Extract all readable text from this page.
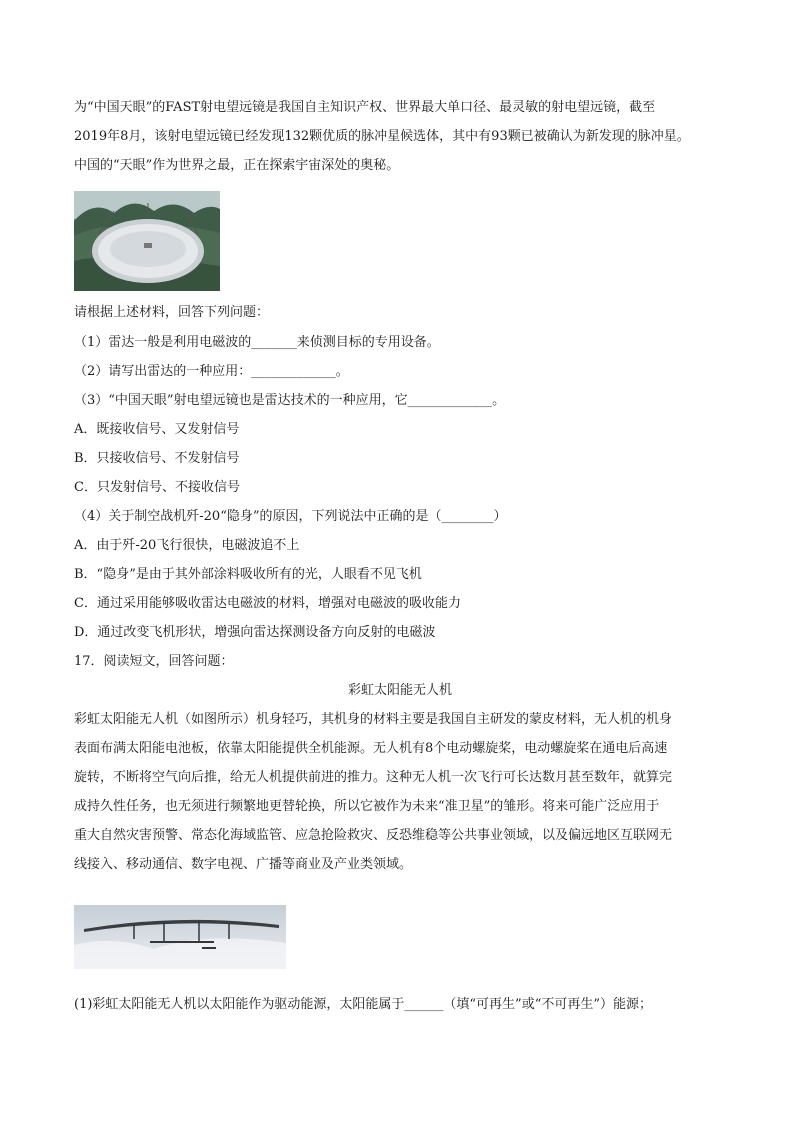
为“中国天眼”的FAST射电望远镜是我国自主知识产权、世界最大单口径、最灵敏的射电望远镜，截至
2019年8月，该射电望远镜已经发现132颗优质的脉冲星候选体，其中有93颗已被确认为新发现的脉冲星。
中国的“天眼”作为世界之最，正在探索宇宙深处的奥秘。
请根据上述材料，回答下列问题：
（1）雷达一般是利用电磁波的_______来侦测目标的专用设备。
（2）请写出雷达的一种应用：_____________。
（3）“中国天眼”射电望远镜也是雷达技术的一种应用，它_____________。
A．既接收信号、又发射信号
B．只接收信号、不发射信号
C．只发射信号、不接收信号
（4）关于制空战机歼-20“隐身”的原因，下列说法中正确的是（________）
A．由于歼-20飞行很快，电磁波追不上
B．“隐身”是由于其外部涂料吸收所有的光，人眼看不见飞机
C．通过采用能够吸收雷达电磁波的材料，增强对电磁波的吸收能力
D．通过改变飞机形状，增强向雷达探测设备方向反射的电磁波
17．阅读短文，回答问题：
彩虹太阳能无人机
彩虹太阳能无人机（如图所示）机身轻巧，其机身的材料主要是我国自主研发的蒙皮材料，无人机的机身
表面布满太阳能电池板，依靠太阳能提供全机能源。无人机有8个电动螺旋桨，电动螺旋桨在通电后高速
旋转，不断将空气向后推，给无人机提供前进的推力。这种无人机一次飞行可长达数月甚至数年，就算完
成持久性任务，也无须进行频繁地更替轮换，所以它被作为未来“准卫星”的雏形。将来可能广泛应用于
重大自然灾害预警、常态化海域监管、应急抢险救灾、反恐维稳等公共事业领域，以及偏远地区互联网无
线接入、移动通信、数字电视、广播等商业及产业类领域。
(1)彩虹太阳能无人机以太阳能作为驱动能源，太阳能属于______（填“可再生”或“不可再生”）能源；
